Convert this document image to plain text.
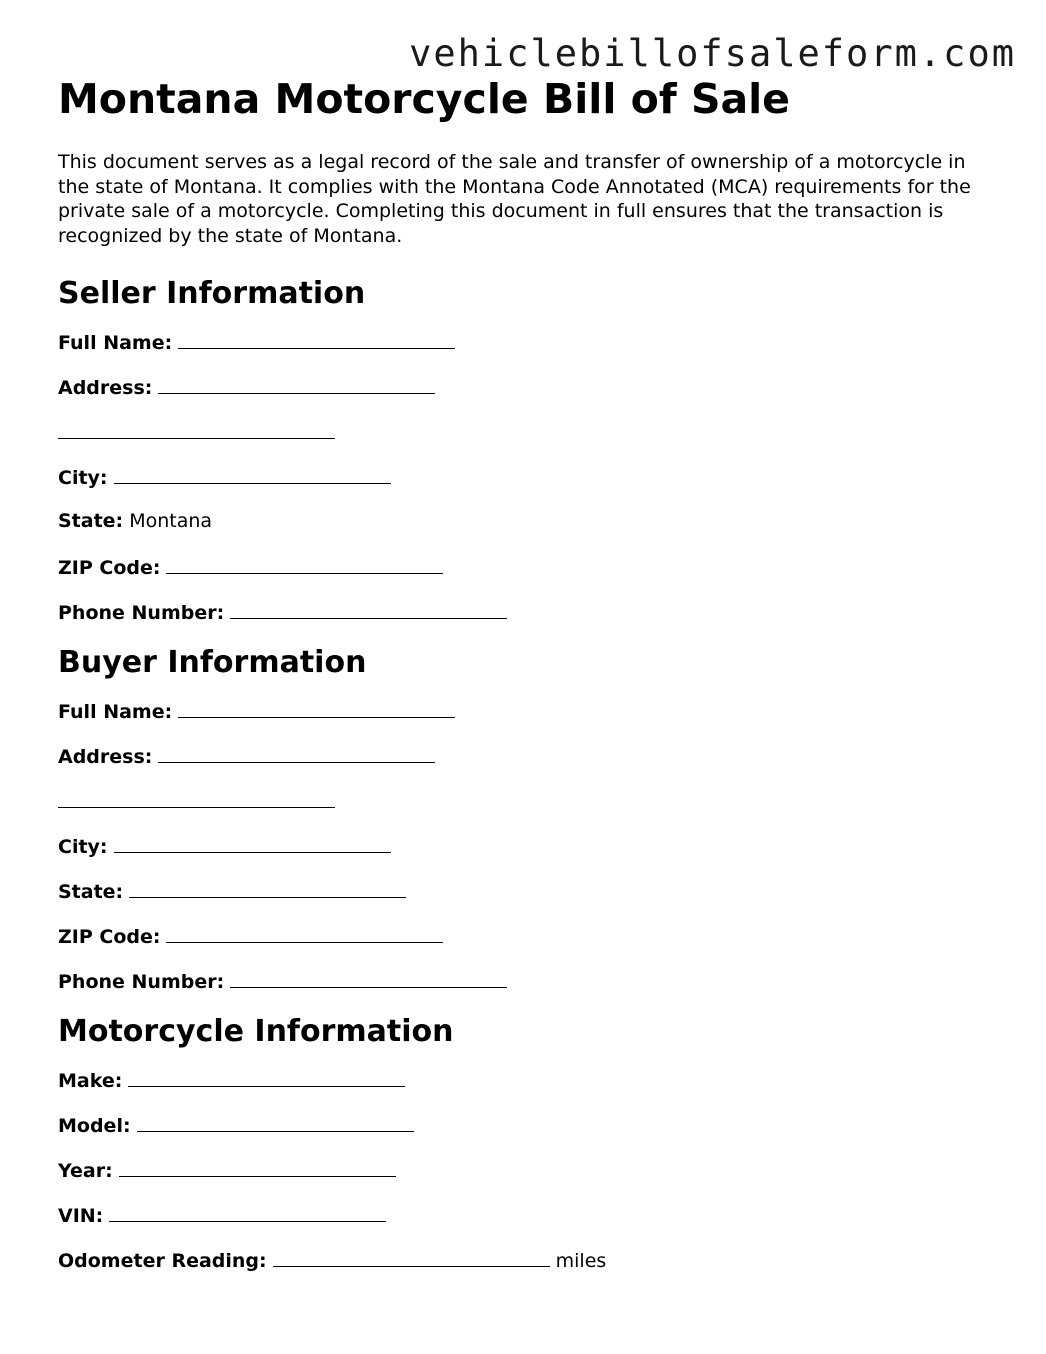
vehiclebillofsaleform.com
Montana Motorcycle Bill of Sale

This document serves as a legal record of the sale and transfer of ownership of a motorcycle in the state of Montana. It complies with the Montana Code Annotated (MCA) requirements for the private sale of a motorcycle. Completing this document in full ensures that the transaction is recognized by the state of Montana.

Seller Information
Full Name:
Address:
City:
State: Montana
ZIP Code:
Phone Number:
Buyer Information
Full Name:
Address:
City:
State:
ZIP Code:
Phone Number:
Motorcycle Information
Make:
Model:
Year:
VIN:
Odometer Reading:	miles
